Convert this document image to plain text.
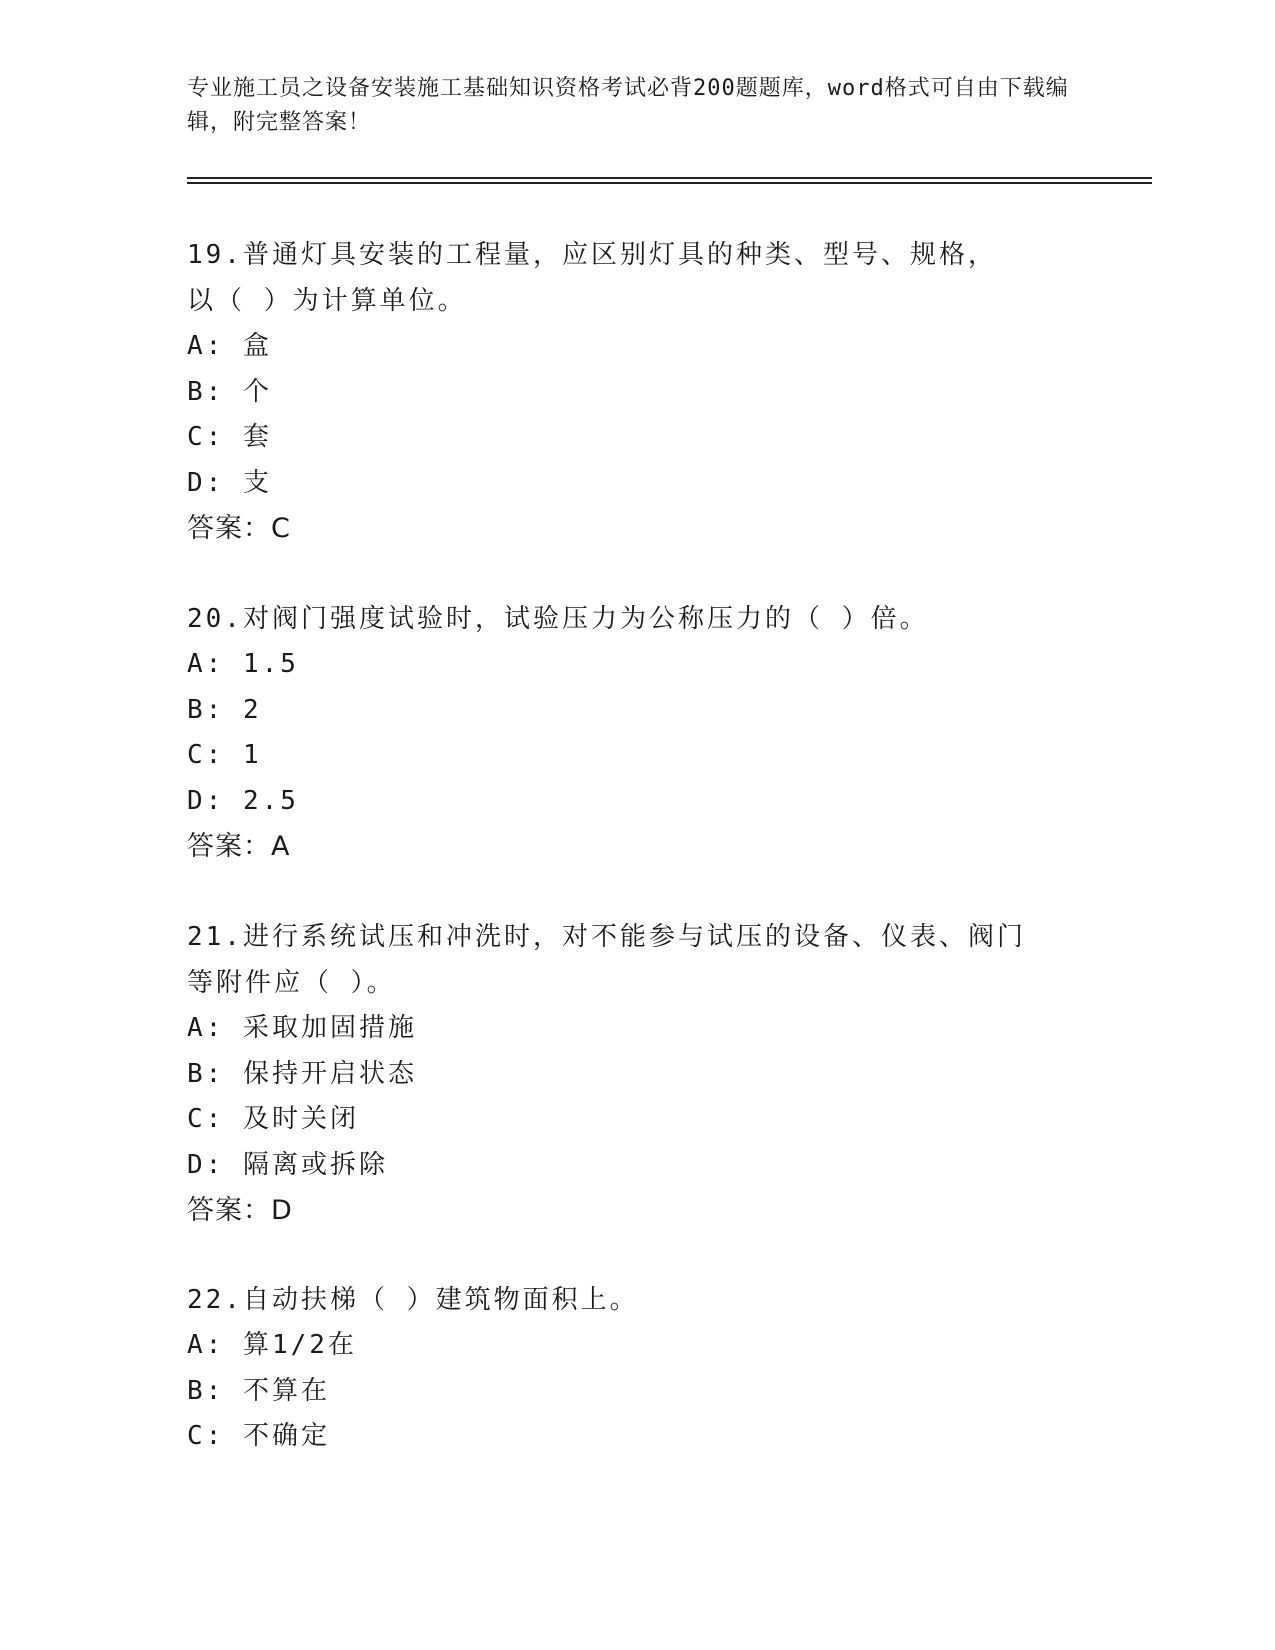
专业施工员之设备安装施工基础知识资格考试必背200题题库，word格式可自由下载编辑，附完整答案！
19.普通灯具安装的工程量，应区别灯具的种类、型号、规格，以（ ）为计算单位。
A: 盒
B: 个
C: 套
D: 支
答案：C
20.对阀门强度试验时，试验压力为公称压力的（ ）倍。
A: 1.5
B: 2
C: 1
D: 2.5
答案：A
21.进行系统试压和冲洗时，对不能参与试压的设备、仪表、阀门等附件应（ ）。
A: 采取加固措施
B: 保持开启状态
C: 及时关闭
D: 隔离或拆除
答案：D
22.自动扶梯（ ）建筑物面积上。
A: 算1/2在
B: 不算在
C: 不确定
